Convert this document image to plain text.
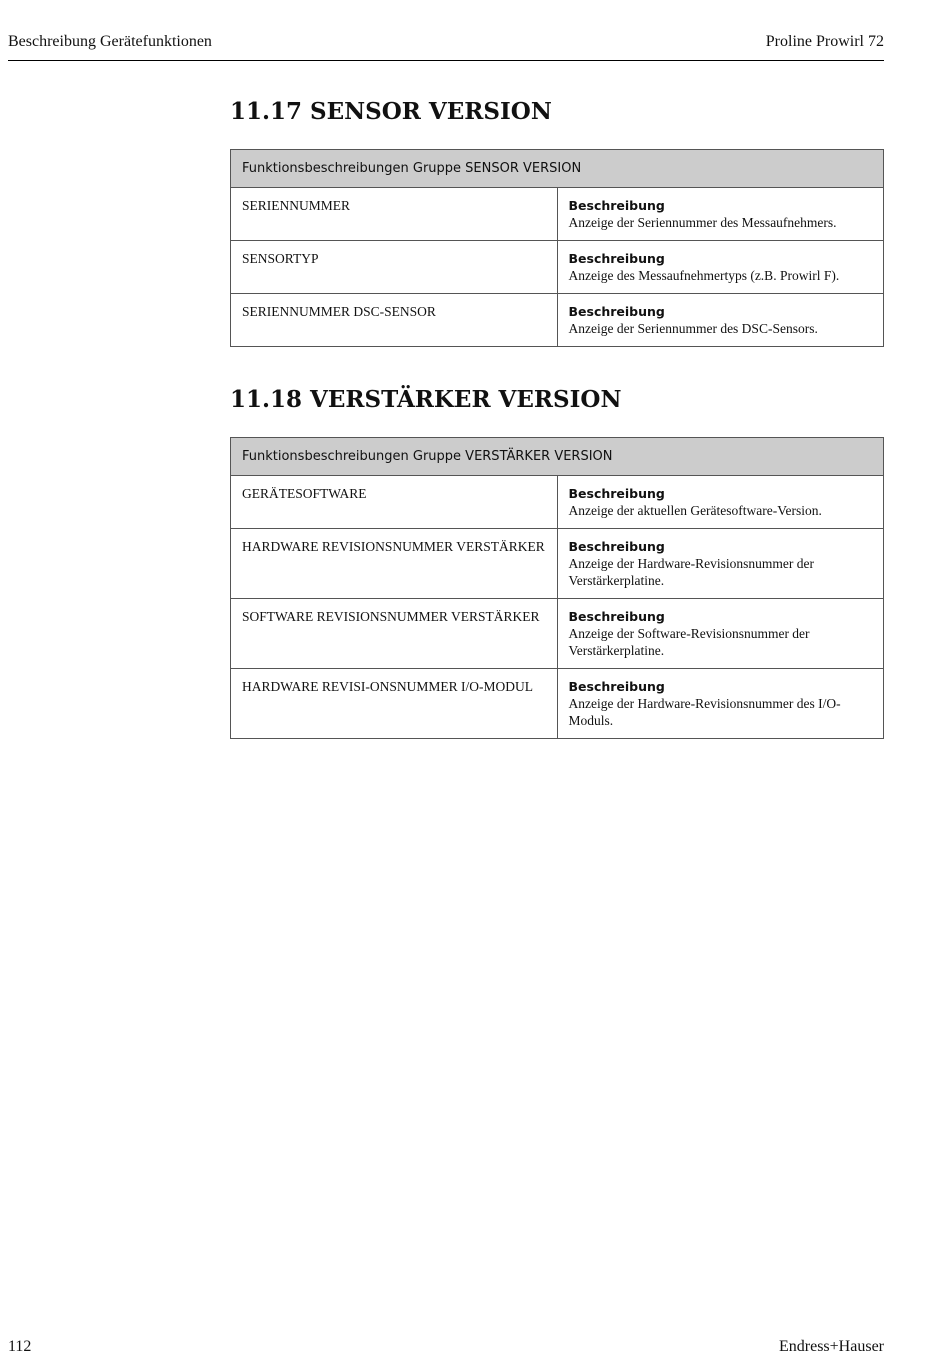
Beschreibung Gerätefunktionen	Proline Prowirl 72
11.17 SENSOR VERSION
Funktionsbeschreibungen Gruppe SENSOR VERSION	
SERIENNUMMER	Beschreibung
Anzeige der Seriennummer des Messaufnehmers.

SENSORTYP	Beschreibung
Anzeige des Messaufnehmertyps (z.B. Prowirl F).

SERIENNUMMER DSC-SENSOR	Beschreibung
Anzeige der Seriennummer des DSC-Sensors.
11.18 VERSTÄRKER VERSION
Funktionsbeschreibungen Gruppe VERSTÄRKER VERSION	
GERÄTESOFTWARE	Beschreibung
Anzeige der aktuellen Gerätesoftware-Version.

HARDWARE REVISIONSNUMMER VERSTÄRKER	Beschreibung
Anzeige der Hardware-Revisionsnummer der Verstärkerplatine.

SOFTWARE REVISIONSNUMMER VERSTÄRKER	Beschreibung
Anzeige der Software-Revisionsnummer der Verstärkerplatine.

HARDWARE REVISI-ONSNUMMER I/O-MODUL	Beschreibung
Anzeige der Hardware-Revisionsnummer des I/O-Moduls.
112	Endress+Hauser
